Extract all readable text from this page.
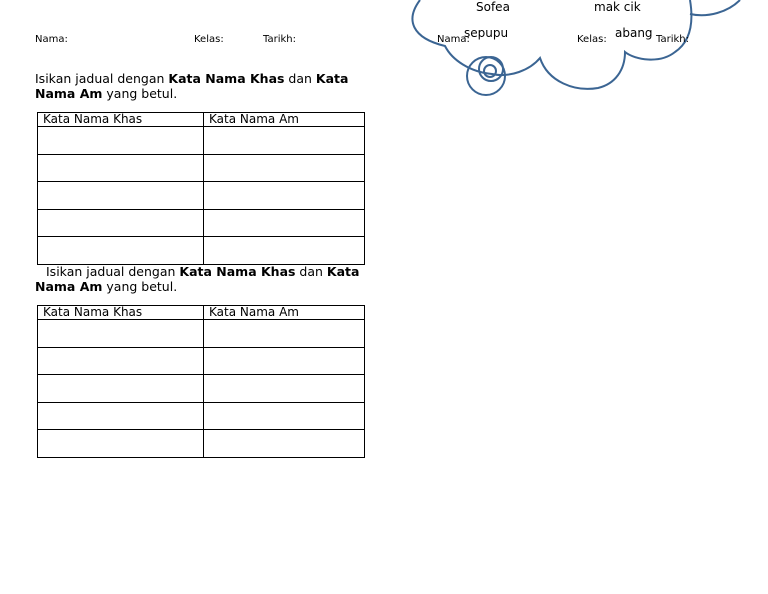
Sofea	mak cik
sepupu	abang
Nama:	Kelas:	Tarikh:	Nama:	Kelas:	Tarikh:
Isikan jadual dengan Kata Nama Khas dan Kata Nama Am yang betul.
Kata Nama Khas	Kata Nama Am

Isikan jadual dengan Kata Nama Khas dan Kata Nama Am yang betul.
Kata Nama Khas	Kata Nama Am
